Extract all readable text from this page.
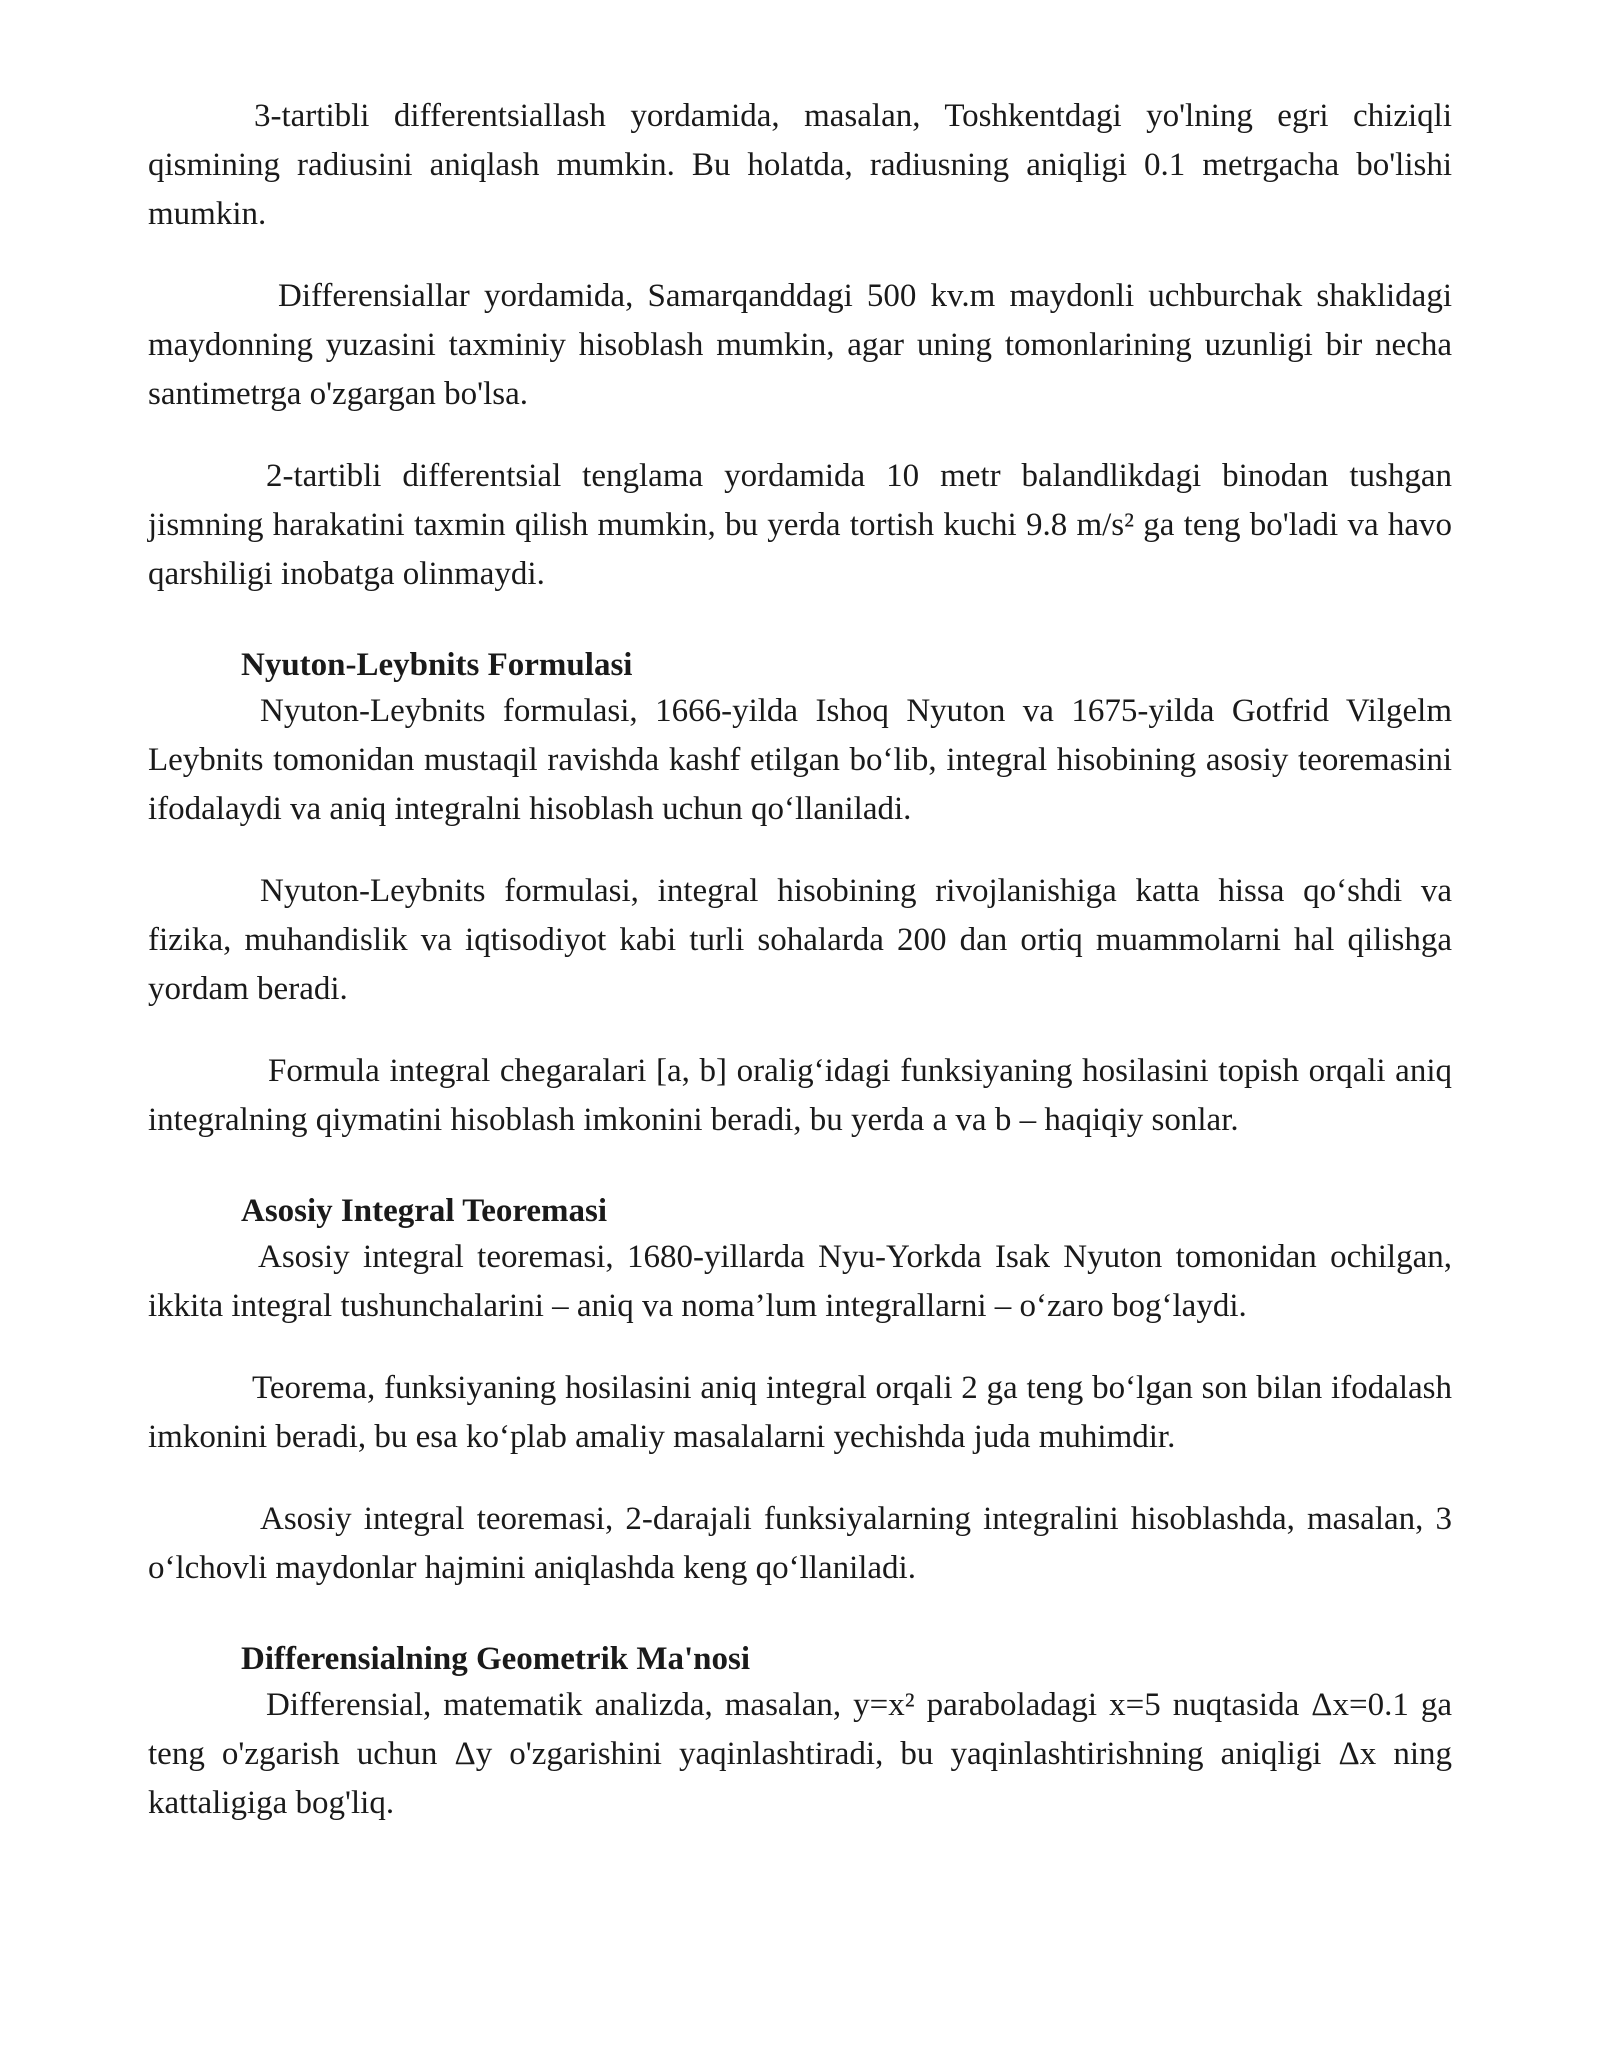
3-tartibli differentsiallash yordamida, masalan, Toshkentdagi yo'lning egri chiziqli qismining radiusini aniqlash mumkin. Bu holatda, radiusning aniqligi 0.1 metrgacha bo'lishi mumkin.

Differensiallar yordamida, Samarqanddagi 500 kv.m maydonli uchburchak shaklidagi maydonning yuzasini taxminiy hisoblash mumkin, agar uning tomonlarining uzunligi bir necha santimetrga o'zgargan bo'lsa.

2-tartibli differentsial tenglama yordamida 10 metr balandlikdagi binodan tushgan jismning harakatini taxmin qilish mumkin, bu yerda tortish kuchi 9.8 m/s² ga teng bo'ladi va havo qarshiligi inobatga olinmaydi.

Nyuton-Leybnits Formulasi

Nyuton-Leybnits formulasi, 1666-yilda Ishoq Nyuton va 1675-yilda Gotfrid Vilgelm Leybnits tomonidan mustaqil ravishda kashf etilgan bo‘lib, integral hisobining asosiy teoremasini ifodalaydi va aniq integralni hisoblash uchun qo‘llaniladi.

Nyuton-Leybnits formulasi, integral hisobining rivojlanishiga katta hissa qo‘shdi va fizika, muhandislik va iqtisodiyot kabi turli sohalarda 200 dan ortiq muammolarni hal qilishga yordam beradi.

Formula integral chegaralari [a, b] oralig‘idagi funksiyaning hosilasini topish orqali aniq integralning qiymatini hisoblash imkonini beradi, bu yerda a va b – haqiqiy sonlar.

Asosiy Integral Teoremasi

Asosiy integral teoremasi, 1680-yillarda Nyu-Yorkda Isak Nyuton tomonidan ochilgan, ikkita integral tushunchalarini – aniq va noma’lum integrallarni – o‘zaro bog‘laydi.

Teorema, funksiyaning hosilasini aniq integral orqali 2 ga teng bo‘lgan son bilan ifodalash imkonini beradi, bu esa ko‘plab amaliy masalalarni yechishda juda muhimdir.

Asosiy integral teoremasi, 2-darajali funksiyalarning integralini hisoblashda, masalan, 3 o‘lchovli maydonlar hajmini aniqlashda keng qo‘llaniladi.

Differensialning Geometrik Ma'nosi

Differensial, matematik analizda, masalan, y=x² paraboladagi x=5 nuqtasida Δx=0.1 ga teng o'zgarish uchun Δy o'zgarishini yaqinlashtiradi, bu yaqinlashtirishning aniqligi Δx ning kattaligiga bog'liq.
